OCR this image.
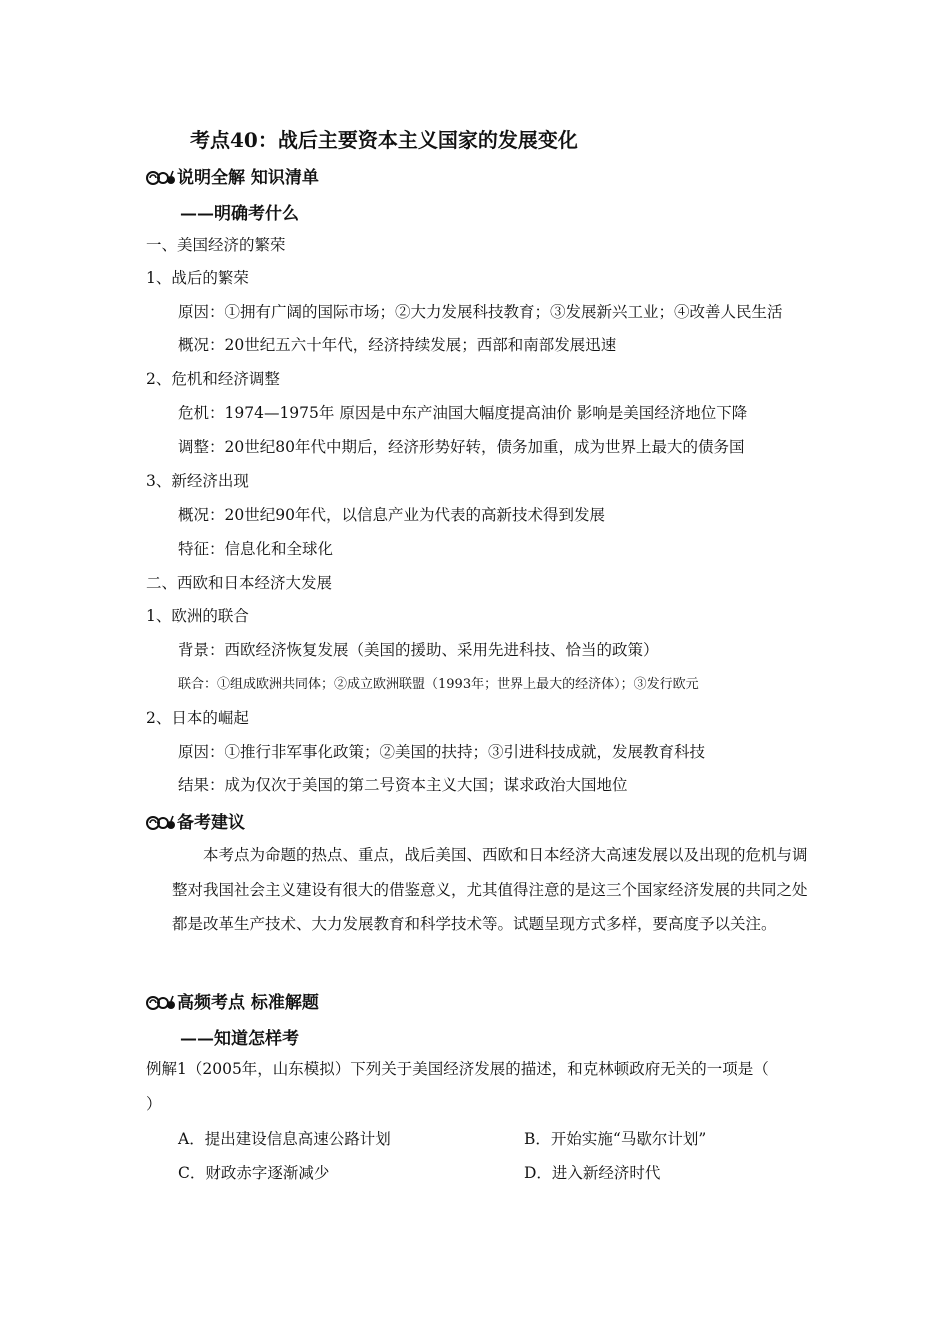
考点40：战后主要资本主义国家的发展变化
说明全解 知识清单
——明确考什么
一、美国经济的繁荣
1、战后的繁荣
原因：①拥有广阔的国际市场；②大力发展科技教育；③发展新兴工业；④改善人民生活
概况：20世纪五六十年代，经济持续发展；西部和南部发展迅速
2、危机和经济调整
危机：1974—1975年 原因是中东产油国大幅度提高油价 影响是美国经济地位下降
调整：20世纪80年代中期后，经济形势好转，债务加重，成为世界上最大的债务国
3、新经济出现
概况：20世纪90年代，以信息产业为代表的高新技术得到发展
特征：信息化和全球化
二、西欧和日本经济大发展
1、欧洲的联合
背景：西欧经济恢复发展（美国的援助、采用先进科技、恰当的政策）
联合：①组成欧洲共同体；②成立欧洲联盟（1993年；世界上最大的经济体）；③发行欧元
2、日本的崛起
原因：①推行非军事化政策；②美国的扶持；③引进科技成就，发展教育科技
结果：成为仅次于美国的第二号资本主义大国；谋求政治大国地位
备考建议
本考点为命题的热点、重点，战后美国、西欧和日本经济大高速发展以及出现的危机与调整对我国社会主义建设有很大的借鉴意义，尤其值得注意的是这三个国家经济发展的共同之处都是改革生产技术、大力发展教育和科学技术等。试题呈现方式多样，要高度予以关注。
高频考点 标准解题
——知道怎样考
例解1（2005年，山东模拟）下列关于美国经济发展的描述，和克林顿政府无关的一项是（
）
A．提出建设信息高速公路计划	B．开始实施“马歇尔计划”
C．财政赤字逐渐减少	D．进入新经济时代
